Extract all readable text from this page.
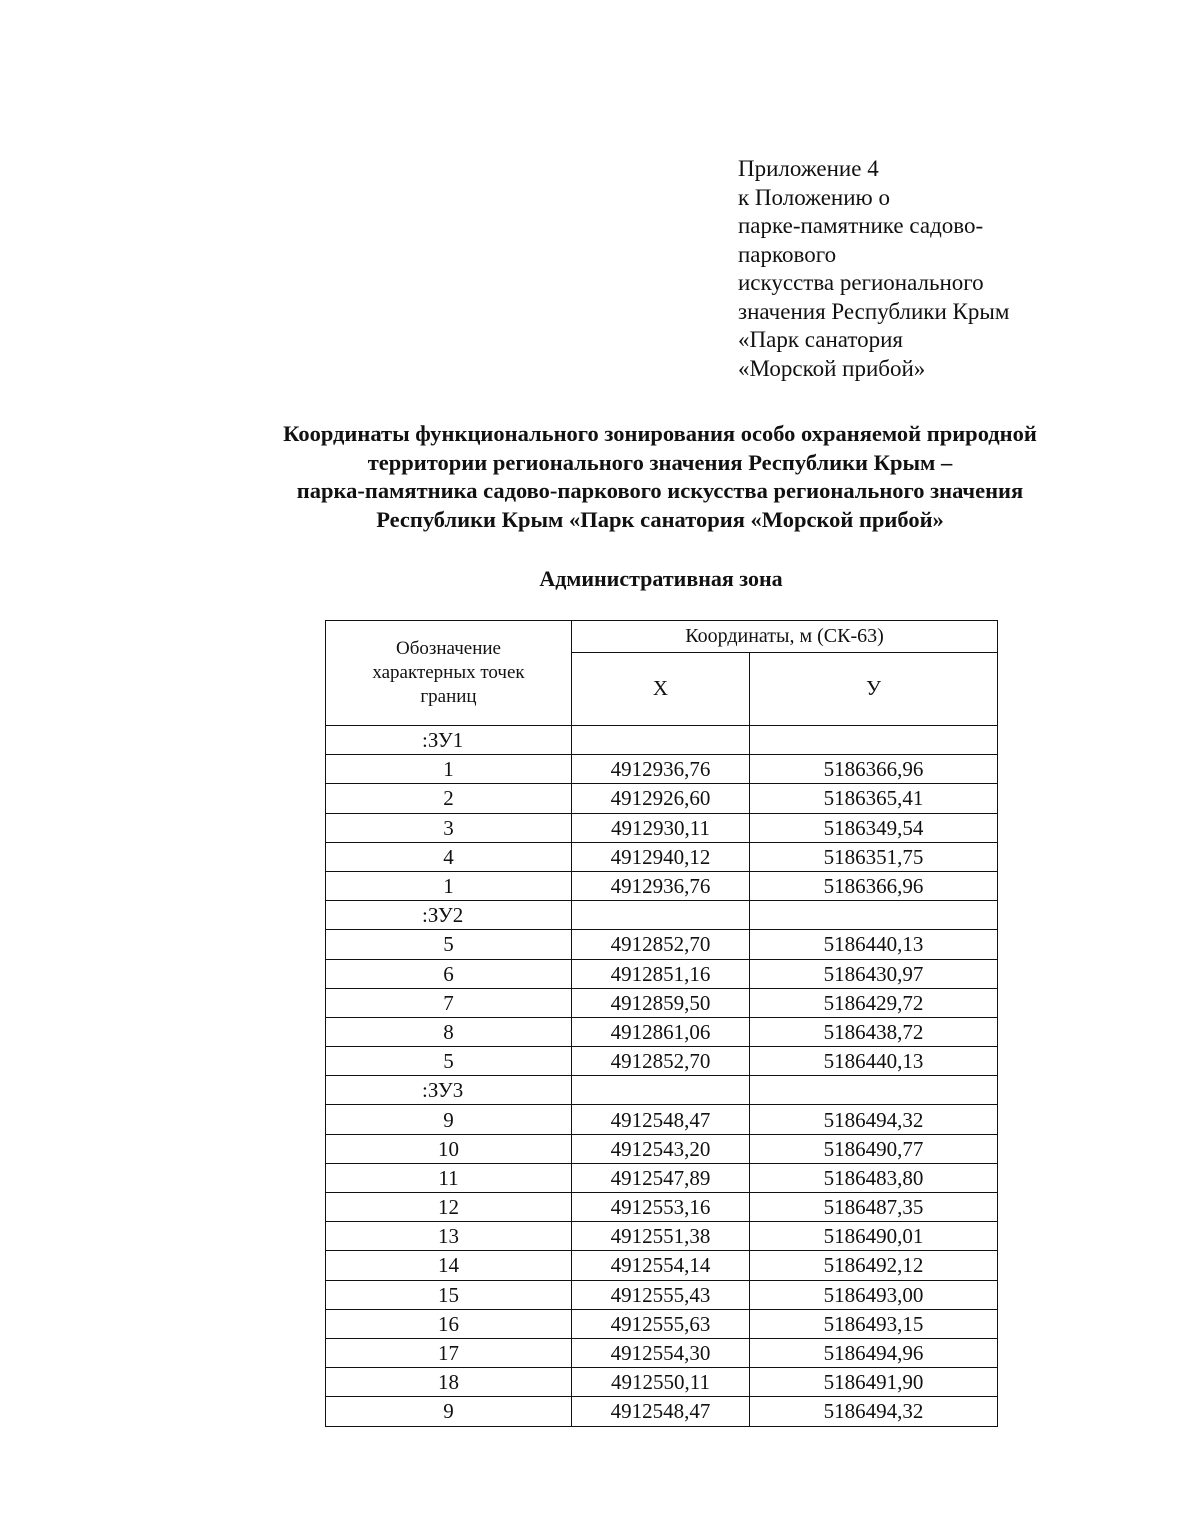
Приложение 4
к Положению о
парке-памятнике садово-
паркового
искусства регионального
значения Республики Крым
«Парк санатория
«Морской прибой»
Координаты функционального зонирования особо охраняемой природной
территории регионального значения Республики Крым –
парка-памятника садово-паркового искусства регионального значения
Республики Крым «Парк санатория «Морской прибой»
Административная зона
Обозначение
характерных точек
границ	Координаты, м (СК-63)	
	X	У
:ЗУ1		
1	4912936,76	5186366,96
2	4912926,60	5186365,41
3	4912930,11	5186349,54
4	4912940,12	5186351,75
1	4912936,76	5186366,96
:ЗУ2		
5	4912852,70	5186440,13
6	4912851,16	5186430,97
7	4912859,50	5186429,72
8	4912861,06	5186438,72
5	4912852,70	5186440,13
:ЗУ3		
9	4912548,47	5186494,32
10	4912543,20	5186490,77
11	4912547,89	5186483,80
12	4912553,16	5186487,35
13	4912551,38	5186490,01
14	4912554,14	5186492,12
15	4912555,43	5186493,00
16	4912555,63	5186493,15
17	4912554,30	5186494,96
18	4912550,11	5186491,90
9	4912548,47	5186494,32
